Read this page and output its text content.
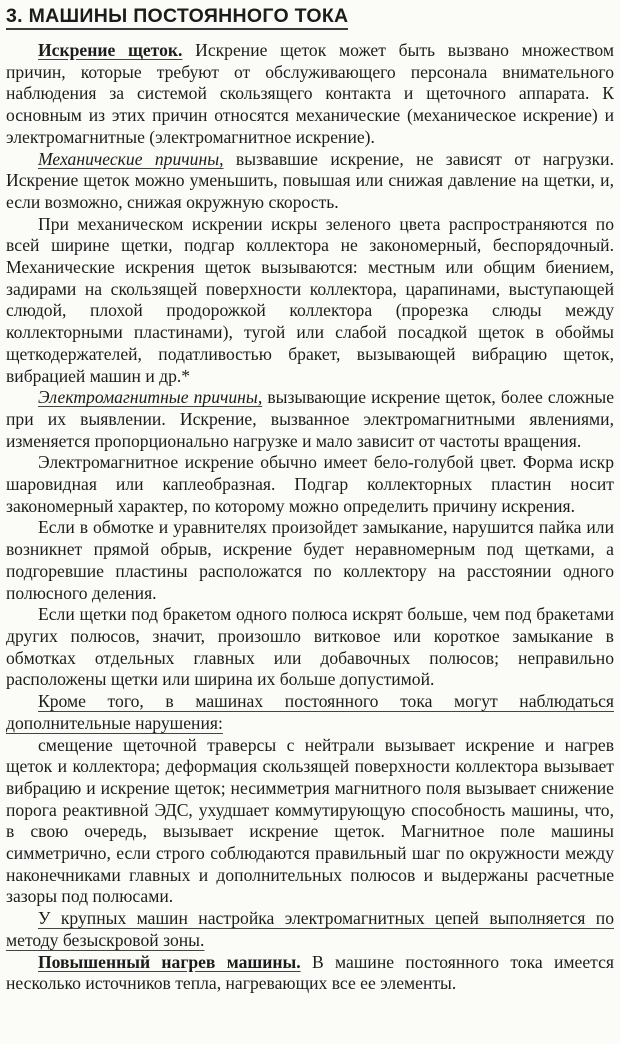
3. МАШИНЫ ПОСТОЯННОГО ТОКА

Искрение щеток. Искрение щеток может быть вызвано множеством причин, которые требуют от обслуживающего персонала внимательного наблюдения за системой скользящего контакта и щеточного аппарата. К основным из этих причин относятся механические (механическое искрение) и электромагнитные (электромагнитное искрение).

Механические причины, вызвавшие искрение, не зависят от нагрузки. Искрение щеток можно уменьшить, повышая или снижая давление на щетки, и, если возможно, снижая окружную скорость.

При механическом искрении искры зеленого цвета распространяются по всей ширине щетки, подгар коллектора не закономерный, беспорядочный. Механические искрения щеток вызываются: местным или общим биением, задирами на скользящей поверхности коллектора, царапинами, выступающей слюдой, плохой продорожкой коллектора (прорезка слюды между коллекторными пластинами), тугой или слабой посадкой щеток в обоймы щеткодержателей, податливостью бракет, вызывающей вибрацию щеток, вибрацией машин и др.*

Электромагнитные причины, вызывающие искрение щеток, более сложные при их выявлении. Искрение, вызванное электромагнитными явлениями, изменяется пропорционально нагрузке и мало зависит от частоты вращения.

Электромагнитное искрение обычно имеет бело-голубой цвет. Форма искр шаровидная или каплеобразная. Подгар коллекторных пластин носит закономерный характер, по которому можно определить причину искрения.

Если в обмотке и уравнителях произойдет замыкание, нарушится пайка или возникнет прямой обрыв, искрение будет неравномерным под щетками, а подгоревшие пластины расположатся по коллектору на расстоянии одного полюсного деления.

Если щетки под бракетом одного полюса искрят больше, чем под бракетами других полюсов, значит, произошло витковое или короткое замыкание в обмотках отдельных главных или добавочных полюсов; неправильно расположены щетки или ширина их больше допустимой.

Кроме того, в машинах постоянного тока могут наблюдаться дополнительные нарушения:

смещение щеточной траверсы с нейтрали вызывает искрение и нагрев щеток и коллектора; деформация скользящей поверхности коллектора вызывает вибрацию и искрение щеток; несимметрия магнитного поля вызывает снижение порога реактивной ЭДС, ухудшает коммутирующую способность машины, что, в свою очередь, вызывает искрение щеток. Магнитное поле машины симметрично, если строго соблюдаются правильный шаг по окружности между наконечниками главных и дополнительных полюсов и выдержаны расчетные зазоры под полюсами.

У крупных машин настройка электромагнитных цепей выполняется по методу безыскровой зоны.

Повышенный нагрев машины. В машине постоянного тока имеется несколько источников тепла, нагревающих все ее элементы.
